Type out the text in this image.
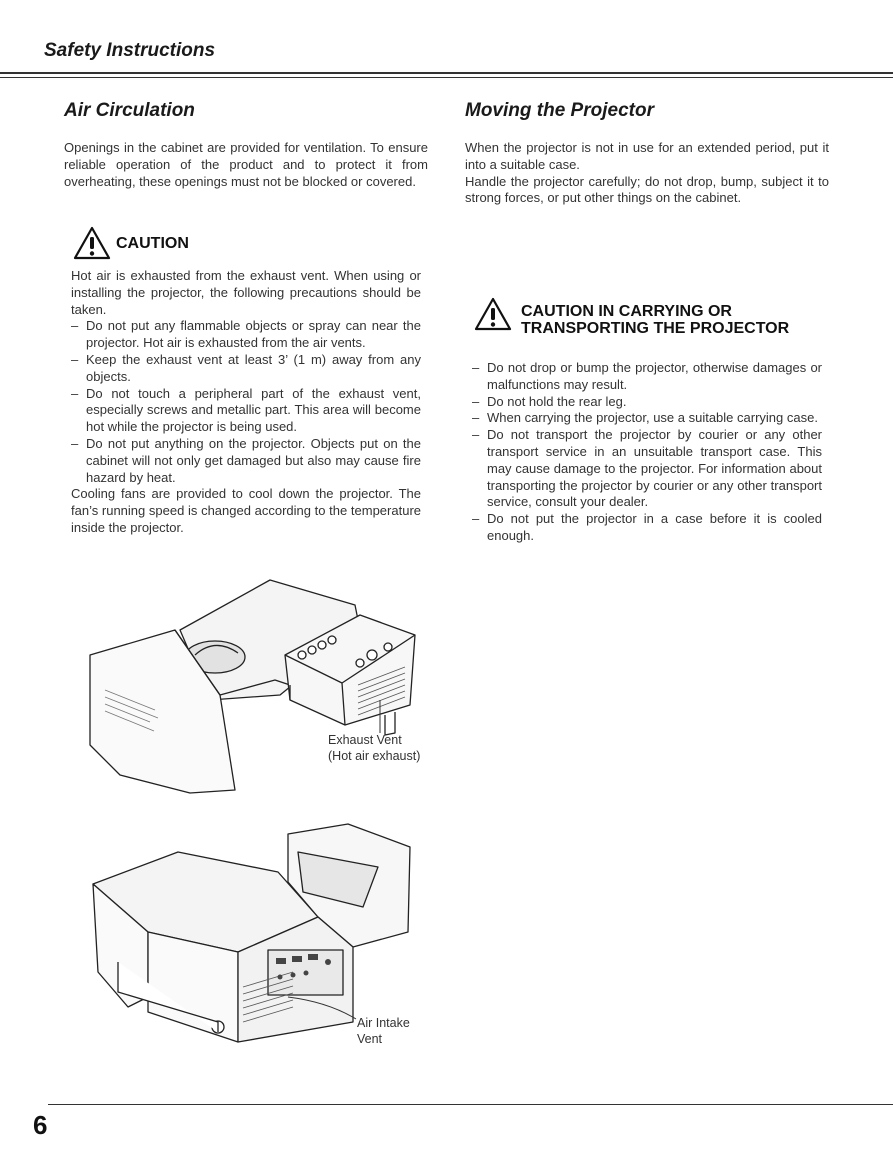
Safety Instructions
Air Circulation

Openings in the cabinet are provided for ventilation. To ensure reliable operation of the product and to protect it from overheating, these openings must not be blocked or covered.

CAUTION

Hot air is exhausted from the exhaust vent. When using or installing the projector, the following precautions should be taken.

– Do not put any flammable objects or spray can near the projector. Hot air is exhausted from the air vents.
– Keep the exhaust vent at least 3’ (1 m) away from any objects.
– Do not touch a peripheral part of the exhaust vent, especially screws and metallic part. This area will become hot while the projector is being used.
– Do not put anything on the projector. Objects put on the cabinet will not only get damaged but also may cause fire hazard by heat.

Cooling fans are provided to cool down the projector. The fan’s running speed is changed according to the temperature inside the projector.

Exhaust Vent
(Hot air exhaust)
Air Intake
Vent
Moving the Projector

When the projector is not in use for an extended period, put it into a suitable case.

Handle the projector carefully; do not drop, bump, subject it to strong forces, or put other things on the cabinet.

CAUTION IN CARRYING OR
TRANSPORTING THE PROJECTOR
– Do not drop or bump the projector, otherwise damages or malfunctions may result.
– Do not hold the rear leg.
– When carrying the projector, use a suitable carrying case.
– Do not transport the projector by courier or any other transport service in an unsuitable transport case. This may cause damage to the projector. For information about transporting the projector by courier or any other transport service, consult your dealer.
– Do not put the projector in a case before it is cooled enough.
6
